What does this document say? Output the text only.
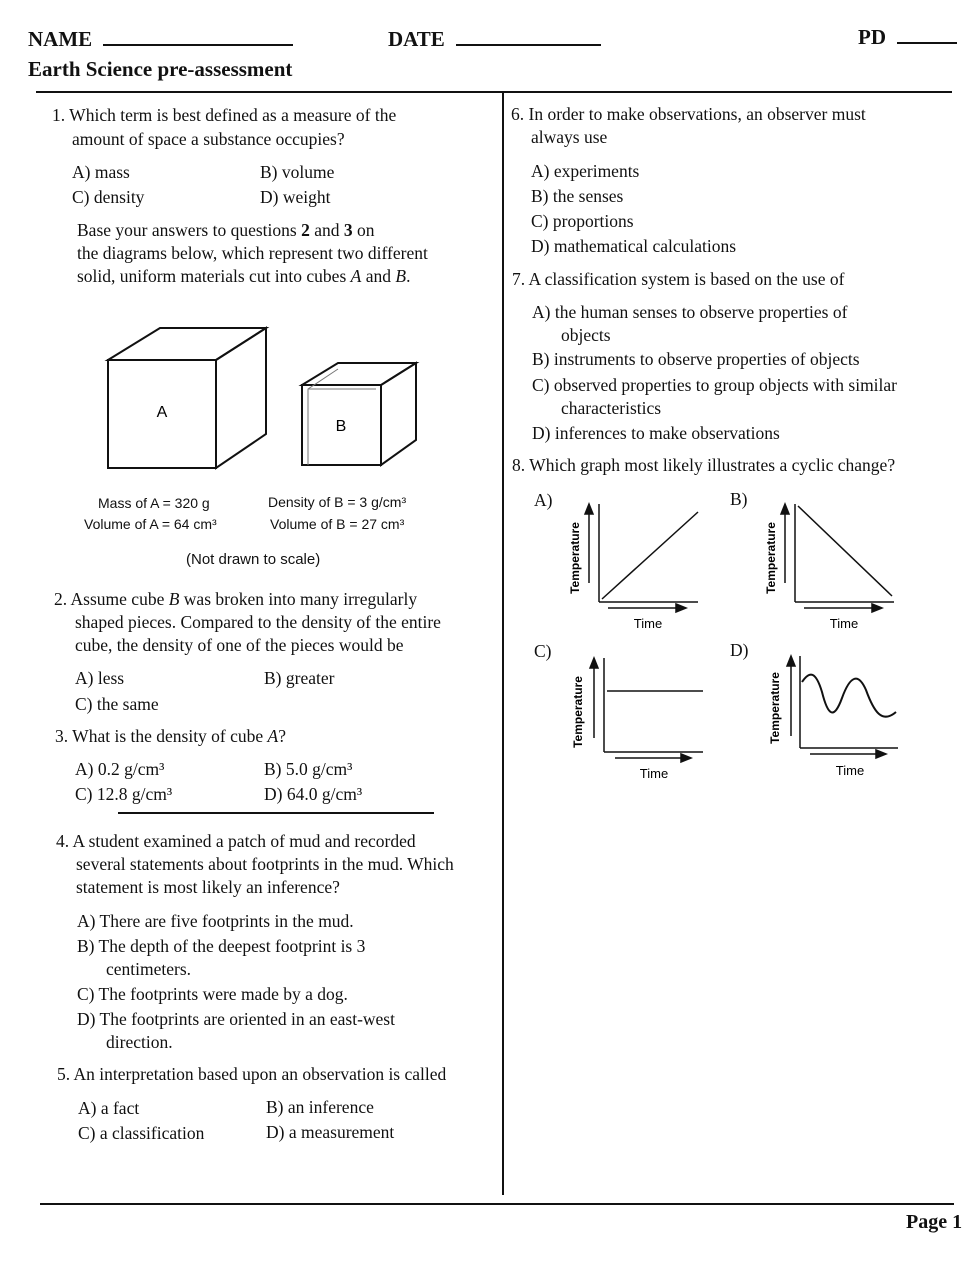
NAME	DATE	PD
Earth Science pre-assessment
1. Which term is best defined as a measure of the
amount of space a substance occupies?
A) mass	B) volume
C) density	D) weight
Base your answers to questions 2 and 3 on
the diagrams below, which represent two different
solid, uniform materials cut into cubes A and B.
A
B
Mass of A = 320 g
Volume of A = 64 cm³
Density of B = 3 g/cm³
Volume of B = 27 cm³
(Not drawn to scale)
2. Assume cube B was broken into many irregularly
shaped pieces. Compared to the density of the entire
cube, the density of one of the pieces would be
A) less	B) greater
C) the same
3. What is the density of cube A?
A) 0.2 g/cm³	B) 5.0 g/cm³
C) 12.8 g/cm³	D) 64.0 g/cm³
4. A student examined a patch of mud and recorded
several statements about footprints in the mud. Which
statement is most likely an inference?
A) There are five footprints in the mud.
B) The depth of the deepest footprint is 3
centimeters.
C) The footprints were made by a dog.
D) The footprints are oriented in an east-west
direction.
5. An interpretation based upon an observation is called
A) a fact	B) an inference
C) a classification	D) a measurement
6. In order to make observations, an observer must
always use
A) experiments
B) the senses
C) proportions
D) mathematical calculations
7. A classification system is based on the use of
A) the human senses to observe properties of
objects
B) instruments to observe properties of objects
C) observed properties to group objects with similar
characteristics
D) inferences to make observations
8. Which graph most likely illustrates a cyclic change?
A)	B)
C)	D)
Temperature
Time
Temperature
Time
Temperature
Time
Temperature
Time
Page 1
